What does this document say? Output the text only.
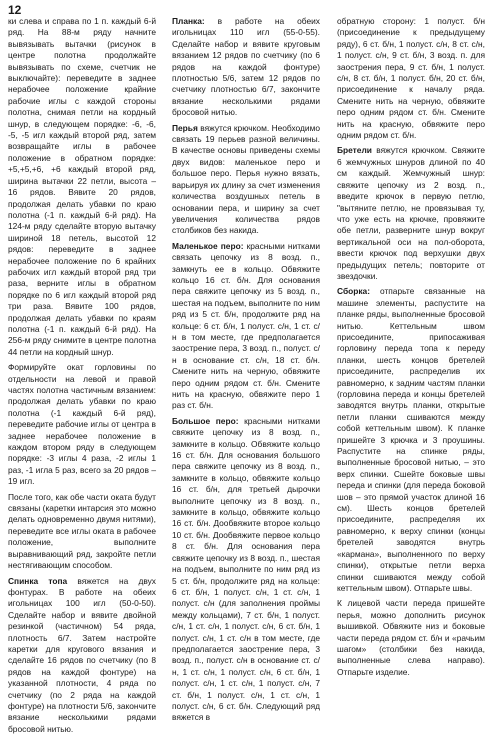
12

ки слева и справа по 1 п. каждый 6-й ряд. На 88-м ряду начните вывязывать вытачки (рисунок в центре полотна продолжайте вывязывать по схеме, счетчик не выключайте): переведите в заднее нерабочее положение крайние рабочие иглы с каждой стороны полотна, снимая петли на кордный шнур, в следующем порядке: -6, -6, -5, -5 игл каждый второй ряд, затем возвращайте иглы в рабочее положение в обратном порядке: +5,+5,+6, +6 каждый второй ряд, ширина вытачки 22 петли, высота – 16 рядов. Вявите 20 рядов, продолжая делать убавки по краю полотна (-1 п. каждый 6-й ряд). На 124-м ряду сделайте вторую вытачку шириной 18 петель, высотой 12 рядов: переведите в заднее нерабочее положение по 6 крайних рабочих игл каждый второй ряд три раза, верните иглы в обратном порядке по 6 игл каждый второй ряд три раза. Вявите 100 рядов, продолжая делать убавки по краям полотна (-1 п. каждый 6-й ряд). На 256-м ряду снимите в центре полотна 44 петли на кордный шнур.

Формируйте окат горловины по отдельности на левой и правой частях полотна частичным вязанием: продолжая делать убавки по краю полотна (-1 каждый 6-й ряд), переведите рабочие иглы от центра в заднее нерабочее положение в каждом втором ряду в следующем порядке: -3 иглы 4 раза, -2 иглы 1 раз, -1 игла 5 раз, всего за 20 рядов – 19 игл.

После того, как обе части оката будут связаны (каретки интарсия это можно делать одновременно двумя нитями), переведите все иглы оката в рабочее положение, выполните выравнивающий ряд, закройте петли нестягивающим способом.

Спинка топа вяжется на двух фонтурах. В работе на обеих игольницах 100 игл (50-0-50). Сделайте набор и вявите двойной резинкой (частичном) 54 ряда, плотность 6/7. Затем настройте каретки для кругового вязания и сделайте 16 рядов по счетчику (по 8 рядов на каждой фонтуре) на указанной плотности, 4 ряда по счетчику (по 2 ряда на каждой фонтуре) на плотности 5/6, закончите вязание несколькими рядами бросовой нитью.

Планка: в работе на обеих игольницах 110 игл (55-0-55). Сделайте набор и вявите круговым вязанием 12 рядов по счетчику (по 6 рядов на каждой фонтуре) плотностью 5/6, затем 12 рядов по счетчику плотностью 6/7, закончите вязание несколькими рядами бросовой нитью.

Перья вяжутся крючком. Необходимо связать 19 перьев разной величины. В качестве основы приведены схемы двух видов: маленькое перо и большое перо. Перья нужно вязать, варьируя их длину за счет изменения количества воздушных петель в основании пера, и ширину за счет увеличения количества рядов столбиков без накида.

Маленькое перо: красными нитками связать цепочку из 8 возд. п., замкнуть ее в кольцо. Обвяжите кольцо 16 ст. б/н. Для основания пера свяжите цепочку из 5 возд. п., шестая на подъем, выполните по ним ряд из 5 ст. б/н, продолжите ряд на кольце: 6 ст. б/н, 1 полуст. с/н, 1 ст. с/н в том месте, где предполагается заострение пера, 3 возд. п., полуст. с/н в основание ст. с/н, 18 ст. б/н. Смените нить на черную, обвяжите перо одним рядом ст. б/н. Смените нить на красную, обвяжите перо 1 раз ст. б/н.

Большое перо: красными нитками свяжите цепочку из 8 возд. п., замкните в кольцо. Обвяжите кольцо 16 ст. б/н. Для основания большого пера свяжите цепочку из 8 возд. п., замкните в кольцо, обвяжите кольцо 16 ст. б/н, для третьей дырочки выполните цепочку из 8 возд. п., замкните в кольцо, обвяжите кольцо 16 ст. б/н. Дообвяжите второе кольцо 10 ст. б/н. Дообвяжите первое кольцо 8 ст. б/н. Для основания пера свяжите цепочку из 8 возд. п., шестая на подъем, выполните по ним ряд из 5 ст. б/н, продолжите ряд на кольце: 6 ст. б/н, 1 полуст. с/н, 1 ст. с/н, 1 полуст. с/н (для заполнения проймы между кольцами), 7 ст. б/н, 1 полуст. с/н, 1 ст. с/н, 1 полуст. с/н, 6 ст. б/н, 1 полуст. с/н, 1 ст. с/н в том месте, где предполагается заострение пера, 3 возд. п., полуст. с/н в основание ст. с/н, 1 ст. с/н, 1 полуст. с/н, 6 ст. б/н, 1 полуст. с/н, 1 ст. с/н, 1 полуст. с/н, 7 ст. б/н, 1 полуст. с/н, 1 ст. с/н, 1 полуст. с/н, 6 ст. б/н. Следующий ряд вяжется в

обратную сторону: 1 полуст. б/н (присоединение к предыдущему ряду), 6 ст. б/н, 1 полуст. с/н, 8 ст. с/н, 1 полуст. с/н, 9 ст. б/н, 3 возд. п. для заострения пера, 9 ст. б/н, 1 полуст. с/н, 8 ст. б/н, 1 полуст. б/н, 20 ст. б/н, присоединение к началу ряда. Смените нить на черную, обвяжите перо одним рядом ст. б/н. Смените нить на красную, обвяжите перо одним рядом ст. б/н.

Бретели вяжутся крючком. Свяжите 6 жемчужных шнуров длиной по 40 см каждый. Жемчужный шнур: свяжите цепочку из 2 возд. п., введите крючок в первую петлю, "вытяните петлю, не провязывая ту, что уже есть на крючке, провяжите обе петли, разверните шнур вокруг вертикальной оси на пол-оборота, ввести крючок под верхушки двух предыдущих петель; повторите от звездочки.

Сборка: отпарьте связанные на машине элементы, распустите на планке ряды, выполненные бросовой нитью. Кеттельным швом присоедините, припосаживая горловину переда топа к переду планки, шесть концов бретелей присоедините, распределив их равномерно, к задним частям планки (горловина переда и концы бретелей заводятся внутрь планки, открытые петли планки сшиваются между собой кеттельным швом). К планке пришейте 3 крючка и 3 проушины. Распустите на спинке ряды, выполненные бросовой нитью, – это верх спинки. Сшейте боковые швы переда и спинки (для переда боковой шов – это прямой участок длиной 16 см). Шесть концов бретелей присоедините, распределяя их равномерно, к верху спинки (концы бретелей заводятся внутрь «кармана», выполненного по верху спинки), открытые петли верха спинки сшиваются между собой кеттельным швом). Отпарьте швы.

К лицевой части переда пришейте перья, можно дополнить рисунок вышивкой. Обвяжите низ и боковые части переда рядом ст. б/н и «рачьим шагом» (столбики без накида, выполненные слева направо). Отпарьте изделие.
